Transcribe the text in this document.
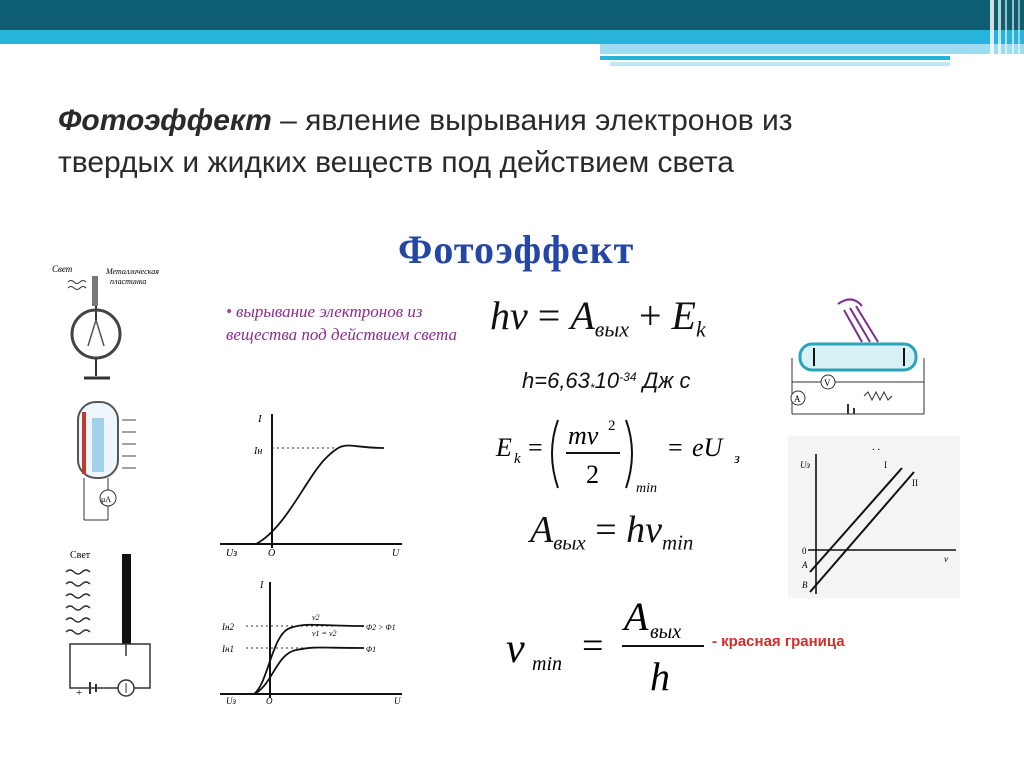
Фотоэффект – явление вырывания электронов из
твердых и жидких веществ под действием света
Фотоэффект
• вырывание электронов из вещества под действием света $h\nu = A_{вых} + E_k$
$h=6,63_*10^{-34}$ Дж с
E k = mv 2
2	min
= eU з
$A_{вых} = h\nu_{min}$
ν min =
A вых
h
- красная граница
Свет	Металлическая
пластинка
μA
Свет
+
I
Iн
Uз	O	U
I
Iн2
Iн1
ν2
ν1 = ν2
Φ2 > Φ1
Φ1
Uз	O	U
V
A
. .
Uз	I
II
0
A
B
ν
